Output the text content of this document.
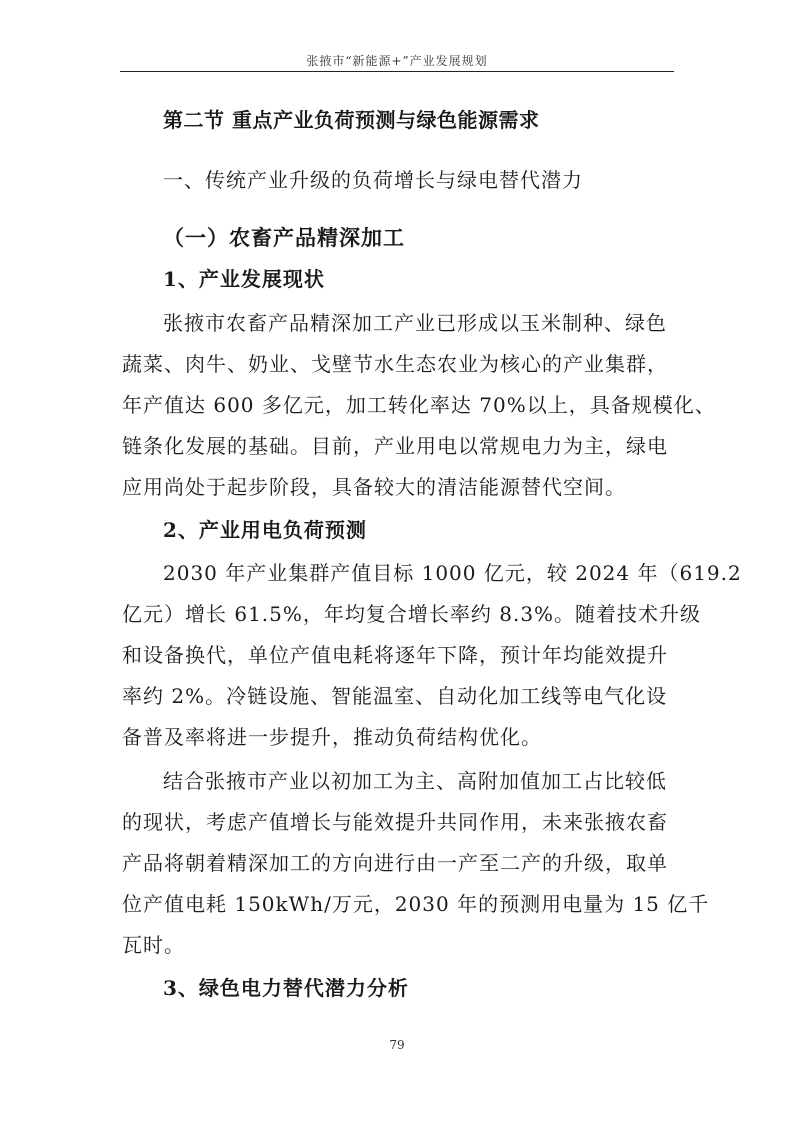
张掖市“新能源+”产业发展规划
第二节 重点产业负荷预测与绿色能源需求
一、传统产业升级的负荷增长与绿电替代潜力
（一）农畜产品精深加工
1、产业发展现状
张掖市农畜产品精深加工产业已形成以玉米制种、绿色
蔬菜、肉牛、奶业、戈壁节水生态农业为核心的产业集群，
年产值达 600 多亿元，加工转化率达 70%以上，具备规模化、
链条化发展的基础。目前，产业用电以常规电力为主，绿电
应用尚处于起步阶段，具备较大的清洁能源替代空间。
2、产业用电负荷预测
2030 年产业集群产值目标 1000 亿元，较 2024 年（619.2
亿元）增长 61.5%，年均复合增长率约 8.3%。随着技术升级
和设备换代，单位产值电耗将逐年下降，预计年均能效提升
率约 2%。冷链设施、智能温室、自动化加工线等电气化设
备普及率将进一步提升，推动负荷结构优化。
结合张掖市产业以初加工为主、高附加值加工占比较低
的现状，考虑产值增长与能效提升共同作用，未来张掖农畜
产品将朝着精深加工的方向进行由一产至二产的升级，取单
位产值电耗 150kWh/万元，2030 年的预测用电量为 15 亿千
瓦时。
3、绿色电力替代潜力分析
79
